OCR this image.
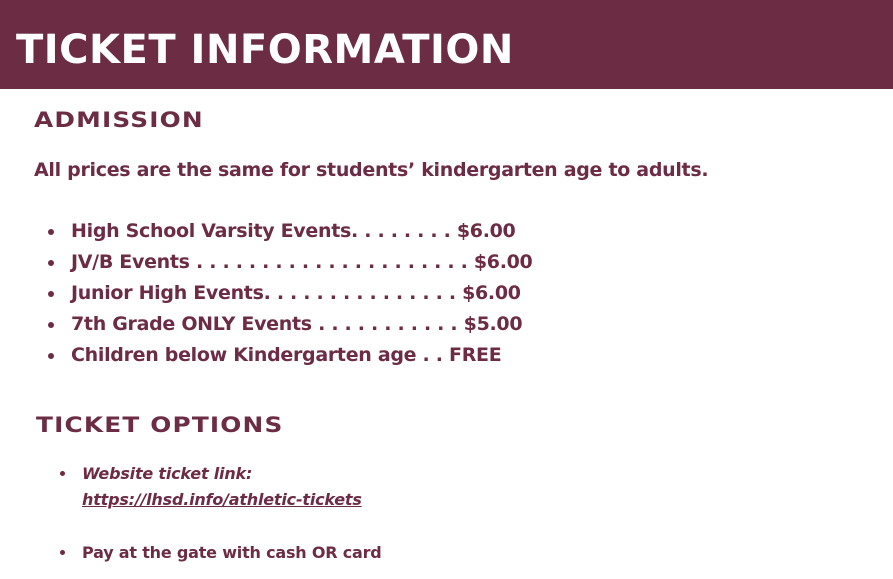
TICKET INFORMATION
ADMISSION

All prices are the same for students’ kindergarten age to adults.

High School Varsity Events. . . . . . . . $6.00
JV/B Events . . . . . . . . . . . . . . . . . . . . . $6.00
Junior High Events. . . . . . . . . . . . . . . $6.00
7th Grade ONLY Events . . . . . . . . . . . $5.00
Children below Kindergarten age . . FREE
TICKET OPTIONS
Website ticket link:
https://lhsd.info/athletic-tickets
Pay at the gate with cash OR card
